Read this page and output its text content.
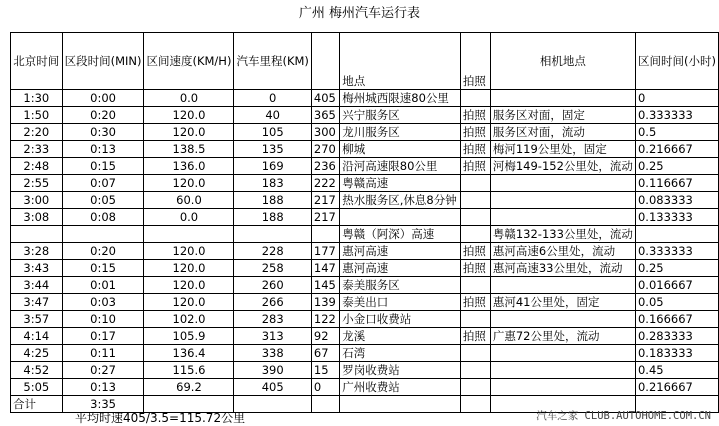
广州 梅州汽车运行表
北京时间	区段时间(MIN)	区间速度(KM/H)	汽车里程(KM)		地点	拍照	相机地点	区间时间(小时)
1:30	0:00	0.0	0	405	梅州城西限速80公里			0
1:50	0:20	120.0	40	365	兴宁服务区	拍照	服务区对面，固定	0.333333
2:20	0:30	120.0	105	300	龙川服务区	拍照	服务区对面，流动	0.5
2:33	0:13	138.5	135	270	柳城	拍照	梅河119公里处，固定	0.216667
2:48	0:15	136.0	169	236	沿河高速限80公里	拍照	河梅149-152公里处，流动	0.25
2:55	0:07	120.0	183	222	粤赣高速			0.116667
3:00	0:05	60.0	188	217	热水服务区,休息8分钟			0.083333
3:08	0:08	0.0	188	217				0.133333
					粤赣（阿深）高速		粤赣132-133公里处，流动	
3:28	0:20	120.0	228	177	惠河高速	拍照	惠河高速6公里处，流动	0.333333
3:43	0:15	120.0	258	147	惠河高速	拍照	惠河高速33公里处，流动	0.25
3:44	0:01	120.0	260	145	泰美服务区			0.016667
3:47	0:03	120.0	266	139	泰美出口	拍照	惠河41公里处，固定	0.05
3:57	0:10	102.0	283	122	小金口收费站			0.166667
4:14	0:17	105.9	313	92	龙溪	拍照	广惠72公里处，流动	0.283333
4:25	0:11	136.4	338	67	石湾			0.183333
4:52	0:27	115.6	390	15	罗岗收费站			0.45
5:05	0:13	69.2	405	0	广州收费站			0.216667
合计	3:35							
平均时速405/3.5=115.72公里	汽车之家 CLUB.AUTOHOME.COM.CN
